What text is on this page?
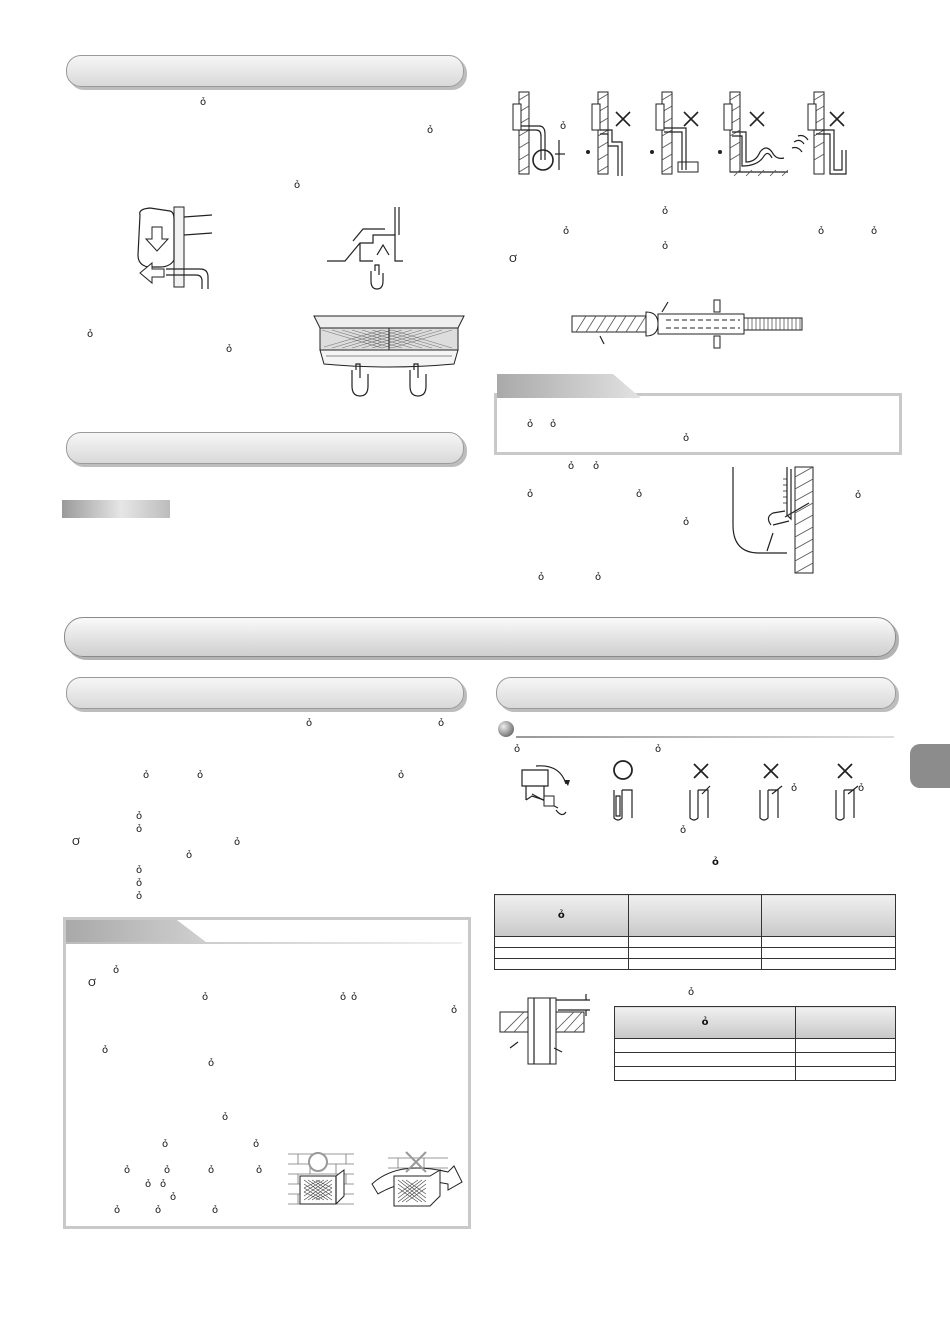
ỏ
ỏ
ỏ
ỏ
ỏ
ỏ
ỏ
ỏ	ỏ	ỏ
ỏ
Ơ
ỏ ỏ
ỏ
ỏ ỏ
ỏ	ỏ
ỏ
ỏ	ỏ
ỏ
ỏ	ỏ
ỏ	ỏ	ỏ
ỏ
ỏ
Ơ	ỏ
ỏ
ỏ
ỏ
ỏ
ỏ
Ơ
ỏ	ỏ ỏ
ỏ
ỏ
ỏ
ỏ
ỏ	ỏ
ỏ	ỏ	ỏ	ỏ
ỏ ỏ
ỏ
ỏ	ỏ	ỏ
ỏ	ỏ
ỏ
ỏ	ỏ
ỏ
ỏ		

ỏ
ỏ	
